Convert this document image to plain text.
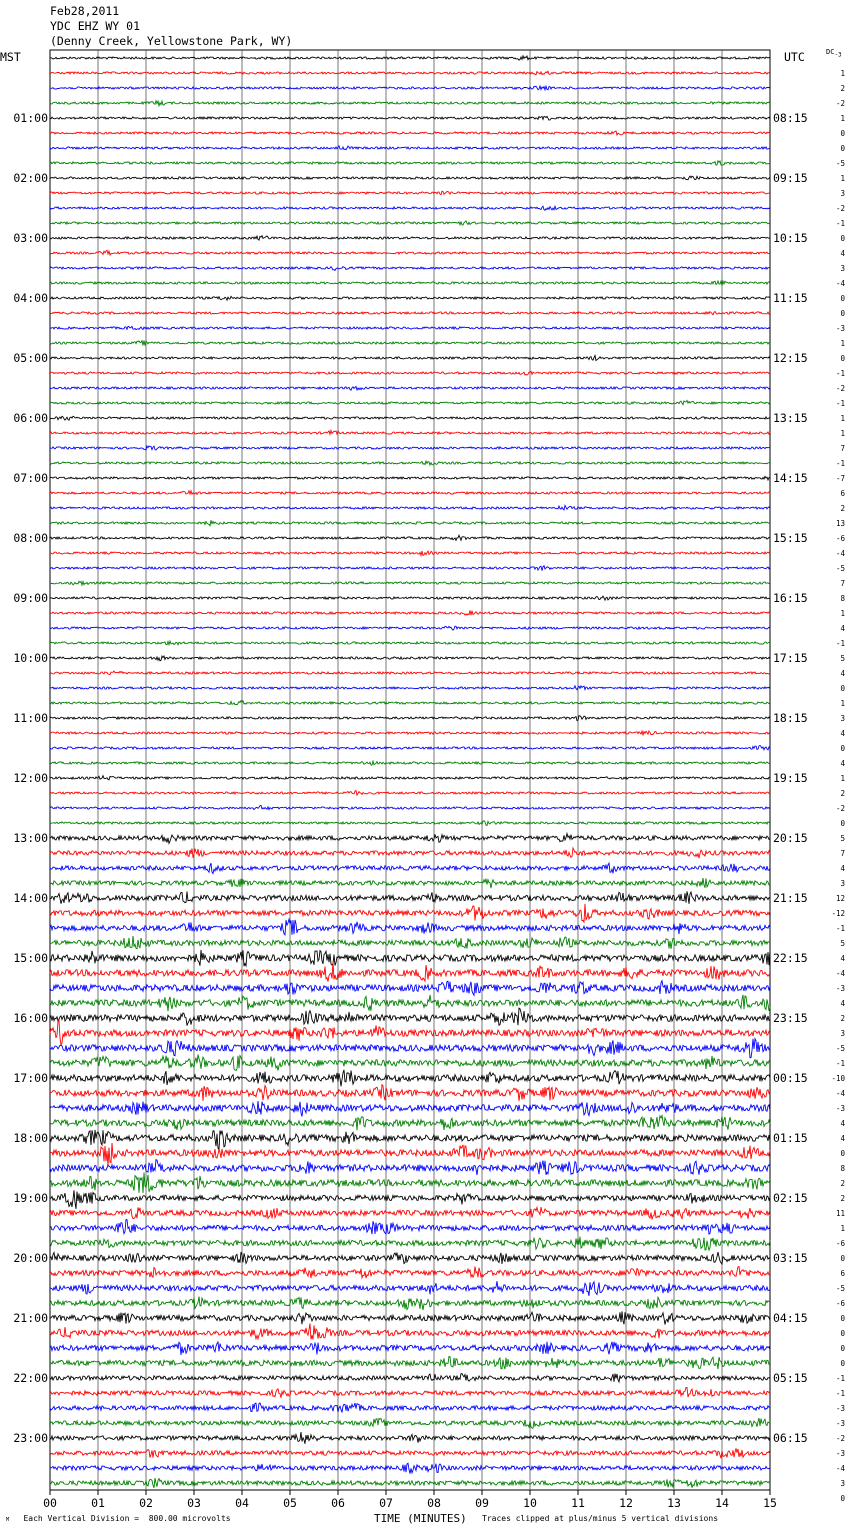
Feb28,2011
YDC EHZ WY 01
(Denny Creek, Yellowstone Park, WY)
MST	UTC	$DC_{-3}$
01:00
02:00
03:00
04:00
05:00
06:00
07:00
08:00
09:00
10:00
11:00
12:00
13:00
14:00
15:00
16:00
17:00
18:00
19:00
20:00
21:00
22:00
23:00
08:15
09:15
10:15
11:15
12:15
13:15
14:15
15:15
16:15
17:15
18:15
19:15
20:15
21:15
22:15
23:15
00:15
01:15
02:15
03:15
04:15
05:15
06:15
1
2
-2
1
0
0
-5
1
3
-2
-1
0
4
3
-4
0
0
-3
1
0
-1
-2
-1
1
1
7
-1
-7
6
2
13
-6
-4
-5
7
8
1
4
-1
5
4
0
1
3
4
0
4
1
2
-2
0
5
7
4
3
12
-12
-1
5
4
-4
-3
4
2
3
-5
-1
-10
-4
-3
4
4
0
8
2
2
11
1
-6
0
6
-5
-6
0
0
0
0
-1
-1
-3
-3
-2
-3
-4
3
0
00	01	02	03	04	05	06	07	08	09	10	11	12	13	14	15
M Each Vertical Division =  800.00 microvolts	TIME (MINUTES) Traces clipped at plus/minus 5 vertical divisions
